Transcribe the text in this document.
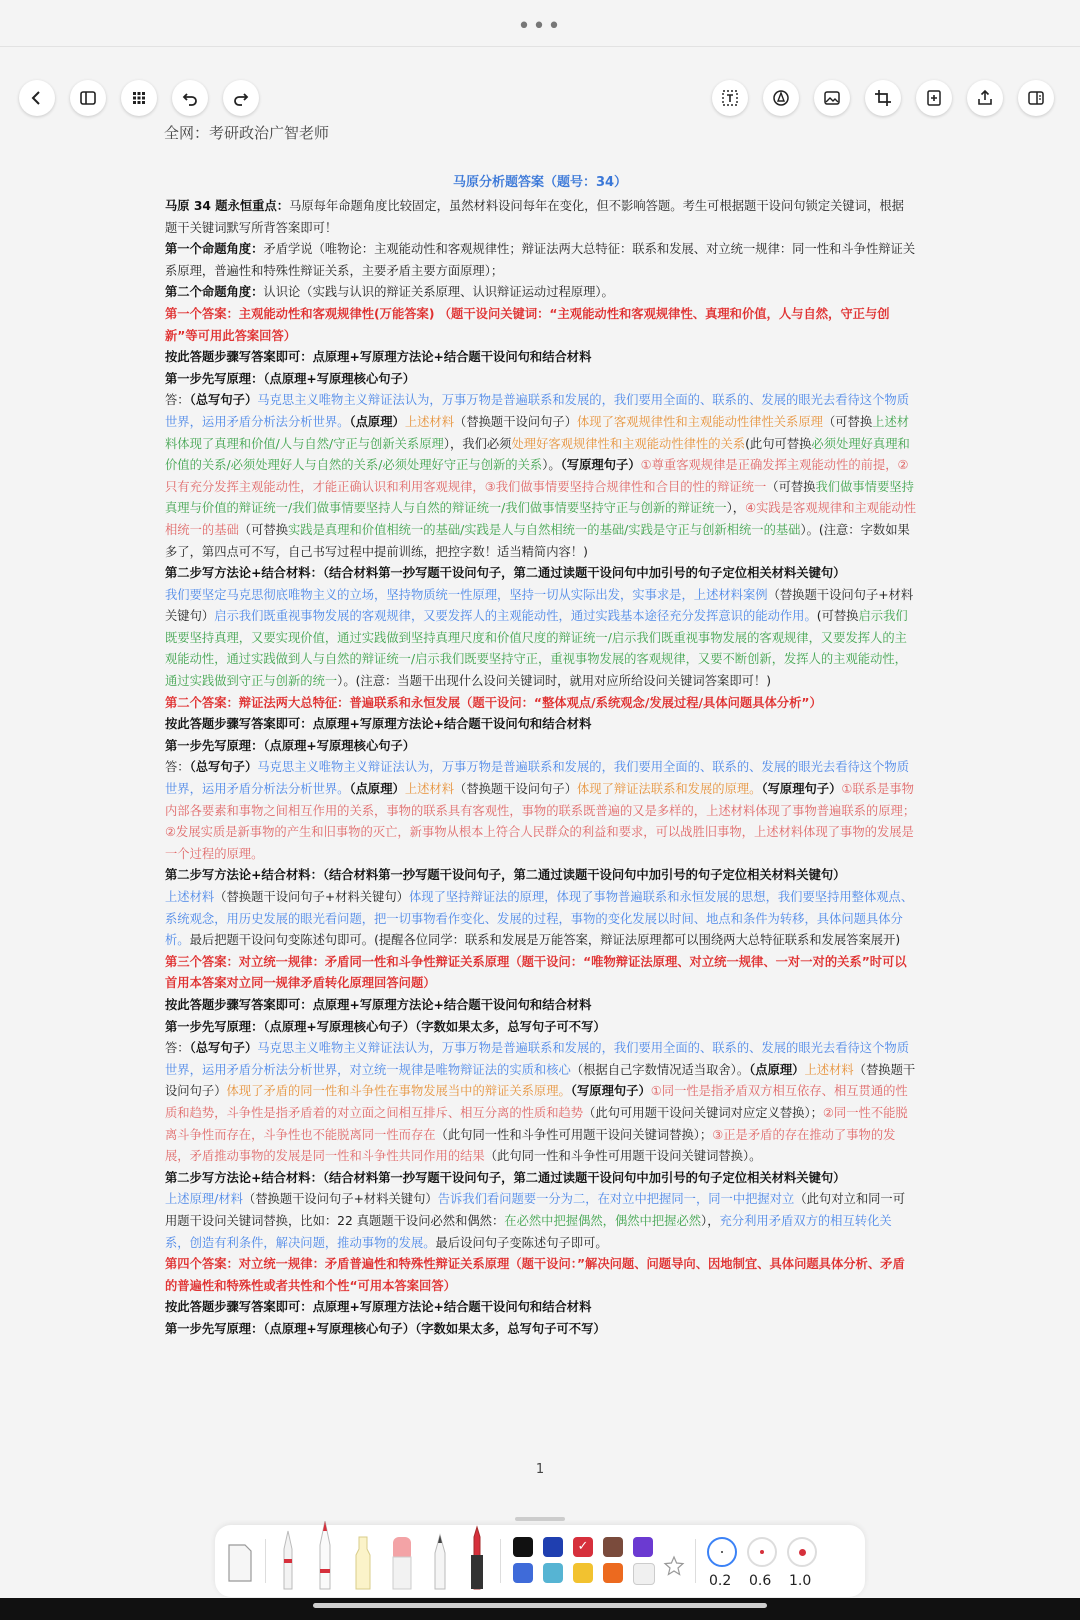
•••
全网：考研政治广智老师
马原分析题答案（题号：34）

马原 34 题永恒重点：马原每年命题角度比较固定，虽然材料设问每年在变化，但不影响答题。考生可根据题干设问句锁定关键词，根据题干关键词默写所背答案即可！

第一个命题角度：矛盾学说（唯物论：主观能动性和客观规律性；辩证法两大总特征：联系和发展、对立统一规律：同一性和斗争性辩证关系原理，普遍性和特殊性辩证关系，主要矛盾主要方面原理）；

第二个命题角度：认识论（实践与认识的辩证关系原理、认识辩证运动过程原理）。

第一个答案：主观能动性和客观规律性(万能答案) （题干设问关键词：“主观能动性和客观规律性、真理和价值，人与自然，守正与创新”等可用此答案回答）

按此答题步骤写答案即可：点原理+写原理方法论+结合题干设问句和结合材料

第一步先写原理：（点原理+写原理核心句子）

答：（总写句子）马克思主义唯物主义辩证法认为，万事万物是普遍联系和发展的，我们要用全面的、联系的、发展的眼光去看待这个物质世界，运用矛盾分析法分析世界。（点原理）上述材料（替换题干设问句子）体现了客观规律性和主观能动性律性关系原理（可替换上述材料体现了真理和价值/人与自然/守正与创新关系原理），我们必须处理好客观规律性和主观能动性律性的关系(此句可替换必须处理好真理和价值的关系/必须处理好人与自然的关系/必须处理好守正与创新的关系）。（写原理句子）①尊重客观规律是正确发挥主观能动性的前提，②只有充分发挥主观能动性，才能正确认识和利用客观规律，③我们做事情要坚持合规律性和合目的性的辩证统一（可替换我们做事情要坚持真理与价值的辩证统一/我们做事情要坚持人与自然的辩证统一/我们做事情要坚持守正与创新的辩证统一），④实践是客观规律和主观能动性相统一的基础（可替换实践是真理和价值相统一的基础/实践是人与自然相统一的基础/实践是守正与创新相统一的基础）。(注意：字数如果多了，第四点可不写，自己书写过程中提前训练，把控字数！适当精简内容！)

第二步写方法论+结合材料：（结合材料第一抄写题干设问句子，第二通过读题干设问句中加引号的句子定位相关材料关键句）

我们要坚定马克思彻底唯物主义的立场，坚持物质统一性原理，坚持一切从实际出发，实事求是，上述材料案例（替换题干设问句子+材料关键句）启示我们既重视事物发展的客观规律，又要发挥人的主观能动性，通过实践基本途径充分发挥意识的能动作用。(可替换启示我们既要坚持真理，又要实现价值，通过实践做到坚持真理尺度和价值尺度的辩证统一/启示我们既重视事物发展的客观规律，又要发挥人的主观能动性，通过实践做到人与自然的辩证统一/启示我们既要坚持守正，重视事物发展的客观规律，又要不断创新，发挥人的主观能动性，通过实践做到守正与创新的统一）。(注意：当题干出现什么设问关键词时，就用对应所给设问关键词答案即可！)

第二个答案：辩证法两大总特征：普遍联系和永恒发展（题干设问：“整体观点/系统观念/发展过程/具体问题具体分析”）

按此答题步骤写答案即可：点原理+写原理方法论+结合题干设问句和结合材料

第一步先写原理：（点原理+写原理核心句子）

答：（总写句子）马克思主义唯物主义辩证法认为，万事万物是普遍联系和发展的，我们要用全面的、联系的、发展的眼光去看待这个物质世界，运用矛盾分析法分析世界。（点原理）上述材料（替换题干设问句子）体现了辩证法联系和发展的原理。（写原理句子）①联系是事物内部各要素和事物之间相互作用的关系，事物的联系具有客观性，事物的联系既普遍的又是多样的，上述材料体现了事物普遍联系的原理；②发展实质是新事物的产生和旧事物的灭亡，新事物从根本上符合人民群众的利益和要求，可以战胜旧事物，上述材料体现了事物的发展是一个过程的原理。

第二步写方法论+结合材料：（结合材料第一抄写题干设问句子，第二通过读题干设问句中加引号的句子定位相关材料关键句）

上述材料（替换题干设问句子+材料关键句）体现了坚持辩证法的原理，体现了事物普遍联系和永恒发展的思想，我们要坚持用整体观点、系统观念，用历史发展的眼光看问题，把一切事物看作变化、发展的过程，事物的变化发展以时间、地点和条件为转移，具体问题具体分析。最后把题干设问句变陈述句即可。(提醒各位同学：联系和发展是万能答案，辩证法原理都可以围绕两大总特征联系和发展答案展开)

第三个答案：对立统一规律：矛盾同一性和斗争性辩证关系原理（题干设问：“唯物辩证法原理、对立统一规律、一对一对的关系”时可以首用本答案对立同一规律矛盾转化原理回答问题）

按此答题步骤写答案即可：点原理+写原理方法论+结合题干设问句和结合材料

第一步先写原理：（点原理+写原理核心句子）（字数如果太多，总写句子可不写）

答：（总写句子）马克思主义唯物主义辩证法认为，万事万物是普遍联系和发展的，我们要用全面的、联系的、发展的眼光去看待这个物质世界，运用矛盾分析法分析世界，对立统一规律是唯物辩证法的实质和核心（根据自己字数情况适当取舍）。（点原理）上述材料（替换题干设问句子）体现了矛盾的同一性和斗争性在事物发展当中的辩证关系原理。（写原理句子）①同一性是指矛盾双方相互依存、相互贯通的性质和趋势，斗争性是指矛盾着的对立面之间相互排斥、相互分离的性质和趋势（此句可用题干设问关键词对应定义替换）；②同一性不能脱离斗争性而存在，斗争性也不能脱离同一性而存在（此句同一性和斗争性可用题干设问关键词替换）；③正是矛盾的存在推动了事物的发展，矛盾推动事物的发展是同一性和斗争性共同作用的结果（此句同一性和斗争性可用题干设问关键词替换）。

第二步写方法论+结合材料：（结合材料第一抄写题干设问句子，第二通过读题干设问句中加引号的句子定位相关材料关键句）

上述原理/材料（替换题干设问句子+材料关键句）告诉我们看问题要一分为二，在对立中把握同一，同一中把握对立（此句对立和同一可用题干设问关键词替换，比如：22 真题题干设问必然和偶然：在必然中把握偶然，偶然中把握必然），充分利用矛盾双方的相互转化关系，创造有利条件，解决问题，推动事物的发展。最后设问句子变陈述句子即可。

第四个答案：对立统一规律：矛盾普遍性和特殊性辩证关系原理（题干设问：”解决问题、问题导向、因地制宜、具体问题具体分析、矛盾的普遍性和特殊性或者共性和个性“可用本答案回答）

按此答题步骤写答案即可：点原理+写原理方法论+结合题干设问句和结合材料

第一步先写原理：（点原理+写原理核心句子）（字数如果太多，总写句子可不写）

1
✓
0.2 0.6 1.0
